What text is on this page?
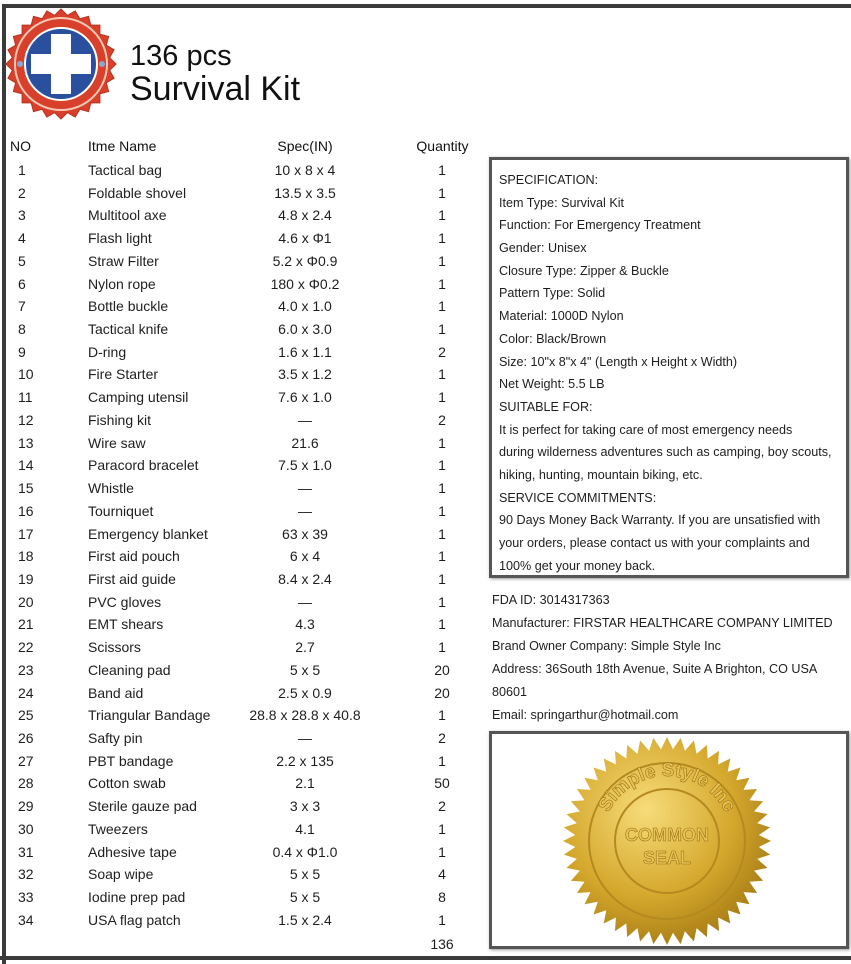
136 pcs
Survival Kit
NO	Itme Name	Spec(IN)	Quantity
1	Tactical bag	10 x 8 x 4	1
2	Foldable shovel	13.5 x 3.5	1
3	Multitool axe	4.8 x 2.4	1
4	Flash light	4.6 x Φ1	1
5	Straw Filter	5.2 x Φ0.9	1
6	Nylon rope	180 x Φ0.2	1
7	Bottle buckle	4.0 x 1.0	1
8	Tactical knife	6.0 x 3.0	1
9	D-ring	1.6 x 1.1	2
10	Fire Starter	3.5 x 1.2	1
11	Camping utensil	7.6 x 1.0	1
12	Fishing kit	—	2
13	Wire saw	21.6	1
14	Paracord bracelet	7.5 x 1.0	1
15	Whistle	—	1
16	Tourniquet	—	1
17	Emergency blanket	63 x 39	1
18	First aid pouch	6 x 4	1
19	First aid guide	8.4 x 2.4	1
20	PVC gloves	—	1
21	EMT shears	4.3	1
22	Scissors	2.7	1
23	Cleaning pad	5 x 5	20
24	Band aid	2.5 x 0.9	20
25	Triangular Bandage	28.8 x 28.8 x 40.8	1
26	Safty pin	—	2
27	PBT bandage	2.2 x 135	1
28	Cotton swab	2.1	50
29	Sterile gauze pad	3 x 3	2
30	Tweezers	4.1	1
31	Adhesive tape	0.4 x Φ1.0	1
32	Soap wipe	5 x 5	4
33	Iodine prep pad	5 x 5	8
34	USA flag patch	1.5 x 2.4	1
136
SPECIFICATION:
Item Type: Survival Kit
Function: For Emergency Treatment
Gender: Unisex
Closure Type: Zipper & Buckle
Pattern Type: Solid
Material: 1000D Nylon
Color: Black/Brown
Size: 10"x 8"x 4" (Length x Height x Width)
Net Weight: 5.5 LB
SUITABLE FOR:
It is perfect for taking care of most emergency needs
during wilderness adventures such as camping, boy scouts,
hiking, hunting, mountain biking, etc.
SERVICE COMMITMENTS:
90 Days Money Back Warranty. If you are unsatisfied with
your orders, please contact us with your complaints and
100% get your money back.
FDA ID: 3014317363
Manufacturer: FIRSTAR HEALTHCARE COMPANY LIMITED
Brand Owner Company: Simple Style Inc
Address: 36South 18th Avenue, Suite A Brighton, CO USA
80601
Email: springarthur@hotmail.com
Simple Style Inc
COMMON
SEAL
